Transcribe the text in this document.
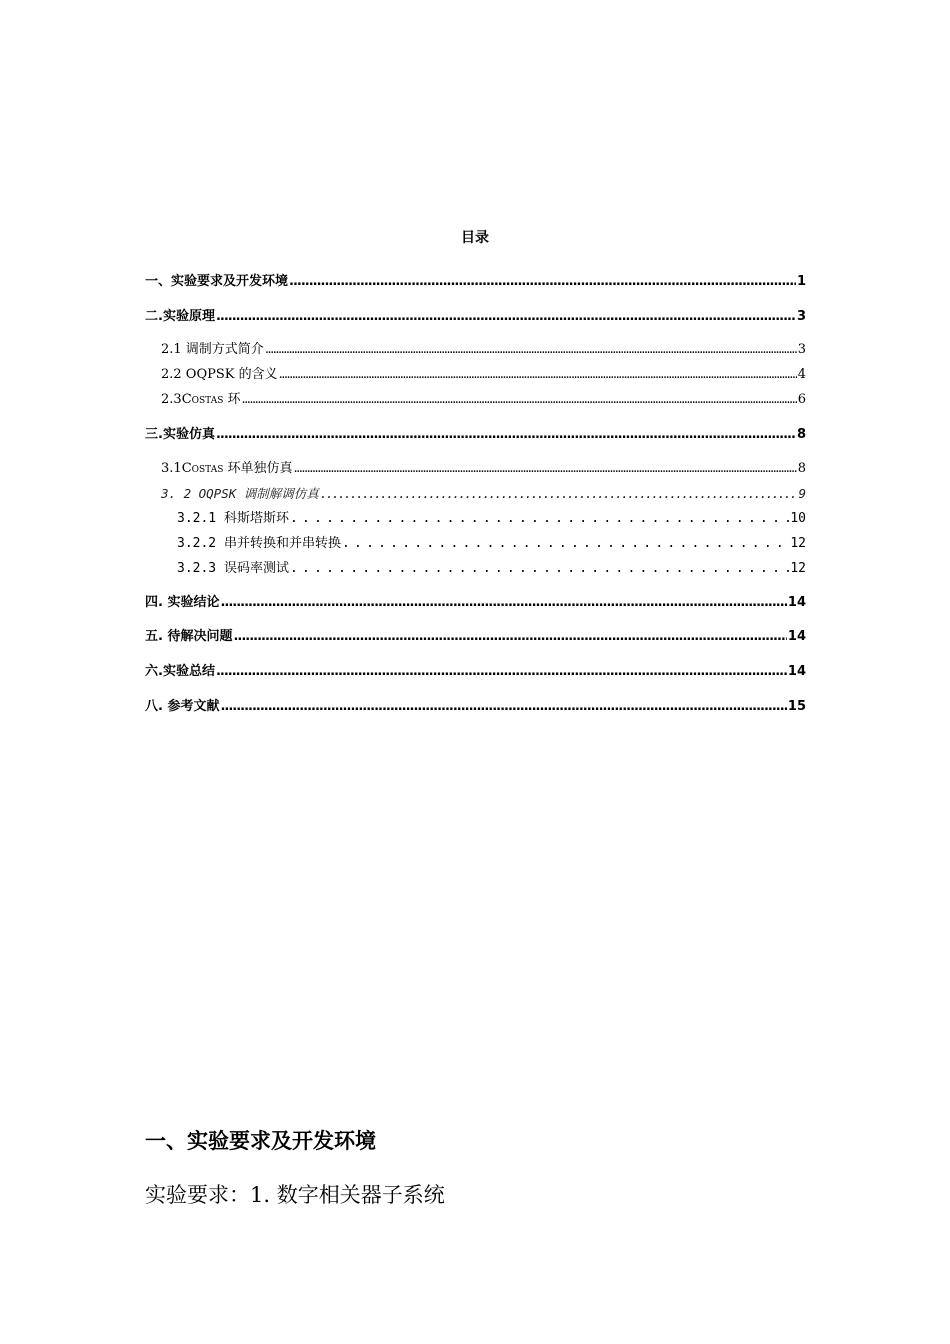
目录
一、实验要求及开发环境 .....	1
二.实验原理 .....	3
2.1 调制方式简介 .....	3
2.2 OQPSK 的含义 .....	4
2.3Costas 环 .....	6
三.实验仿真 .....	8
3.1Costas 环单独仿真 .....	8
3. 2 OQPSK 调制解调仿真 .....	9
3.2.1 科斯塔斯环 . . .	10
3.2.2 串并转换和并串转换 . . .	12
3.2.3 误码率测试 . . .	12
四. 实验结论 .....	14
五. 待解决问题 .....	14
六.实验总结 .....	14
八. 参考文献 .....	15
一、实验要求及开发环境
实验要求：1. 数字相关器子系统
